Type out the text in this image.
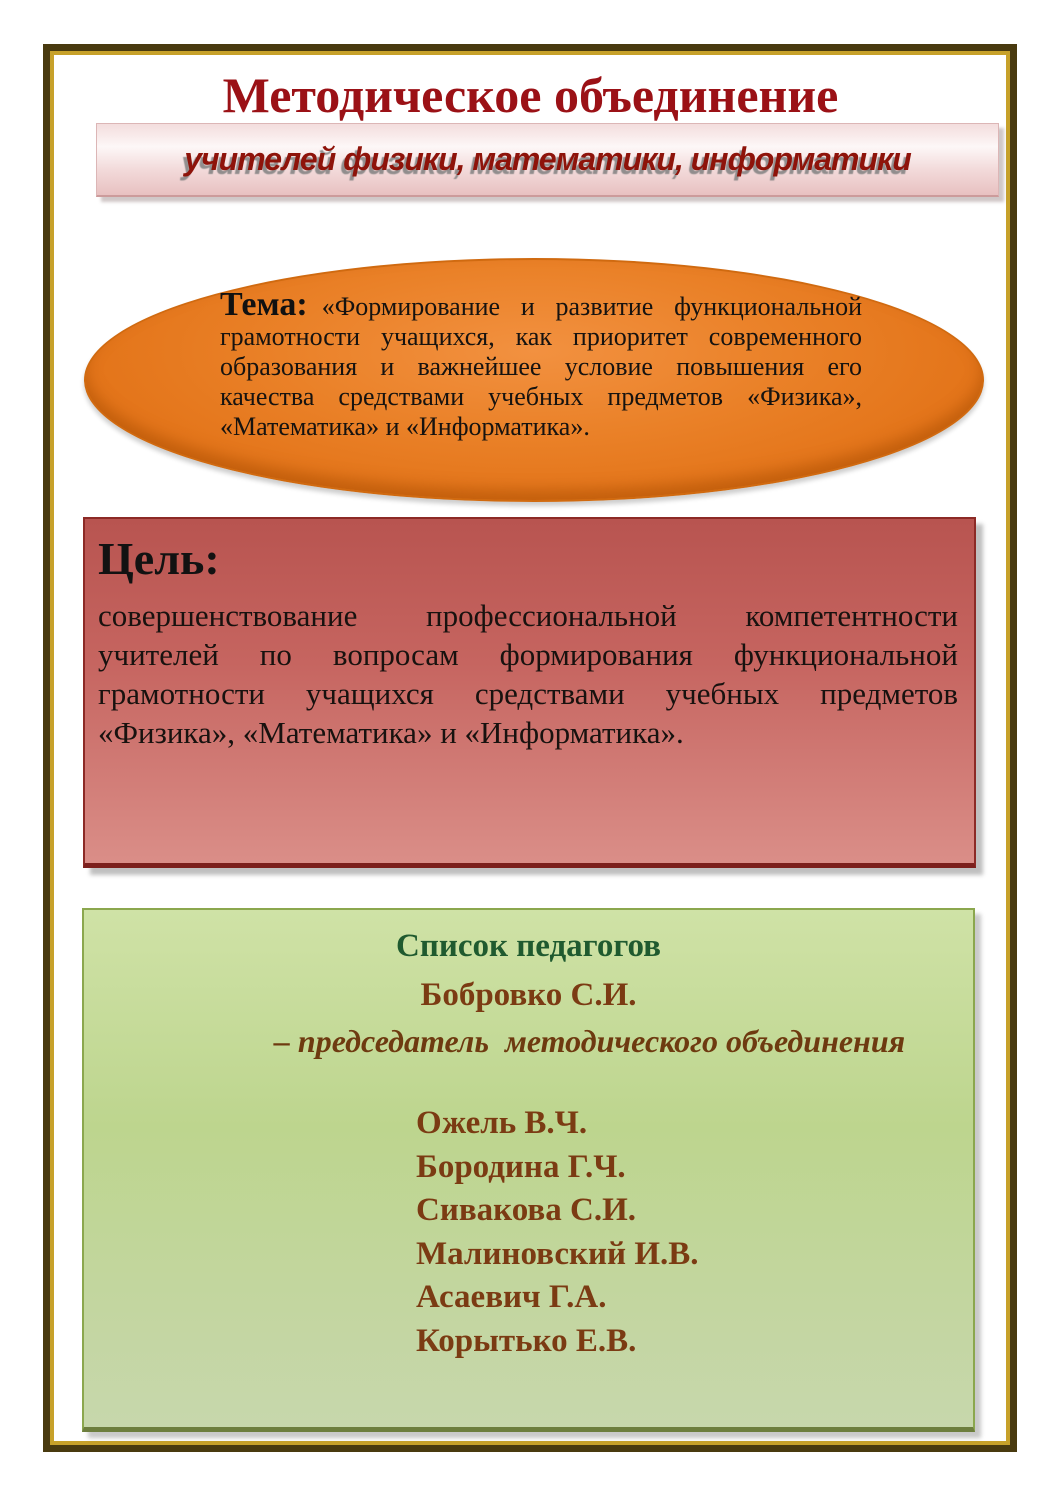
Методическое объединение
учителей физики, математики, информатики

Тема: «Формирование и развитие функциональной грамотности учащихся, как приоритет современного образования и важнейшее условие повышения его качества средствами учебных предметов «Физика», «Математика» и «Информатика».

Цель:

совершенствование профессиональной компетентности учителей по вопросам формирования функциональной грамотности учащихся средствами учебных предметов «Физика», «Математика» и «Информатика».

Список педагогов
Бобровко С.И.
– председатель  методического объединения
Ожель В.Ч.
Бородина Г.Ч.
Сивакова С.И.
Малиновский И.В.
Асаевич Г.А.
Корытько Е.В.
